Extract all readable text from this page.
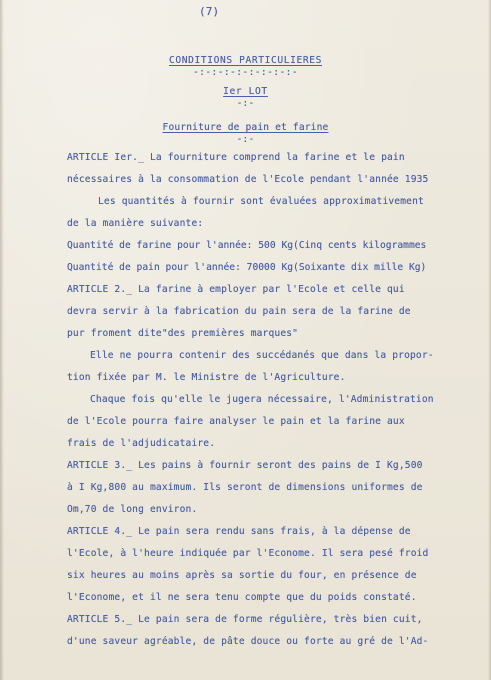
(7)
CONDITIONS PARTICULIERES
-:-:-:-:-:-:-:-:-
Ier LOT
-:-
Fourniture de pain et farine
-:-
ARTICLE Ier._ La fourniture comprend la farine et le pain
nécessaires à la consommation de l'Ecole pendant l'année 1935
Les quantités à fournir sont évaluées approximativement
de la manière suivante:
Quantité de farine pour l'année: 500 Kg(Cinq cents kilogrammes
Quantité de pain pour l'année: 70000 Kg(Soixante dix mille Kg)
ARTICLE 2._ La farine à employer par l'Ecole et celle qui
devra servir à la fabrication du pain sera de la farine de
pur froment dite"des premières marques"
Elle ne pourra contenir des succédanés que dans la propor-
tion fixée par M. le Ministre de l'Agriculture.
Chaque fois qu'elle le jugera nécessaire, l'Administration
de l'Ecole pourra faire analyser le pain et la farine aux
frais de l'adjudicataire.
ARTICLE 3._ Les pains à fournir seront des pains de I Kg,500
à I Kg,800 au maximum. Ils seront de dimensions uniformes de
Om,70 de long environ.
ARTICLE 4._ Le pain sera rendu sans frais, à la dépense de
l'Ecole, à l'heure indiquée par l'Econome. Il sera pesé froid
six heures au moins après sa sortie du four, en présence de
l'Econome, et il ne sera tenu compte que du poids constaté.
ARTICLE 5._ Le pain sera de forme régulière, très bien cuit,
d'une saveur agréable, de pâte douce ou forte au gré de l'Ad-
